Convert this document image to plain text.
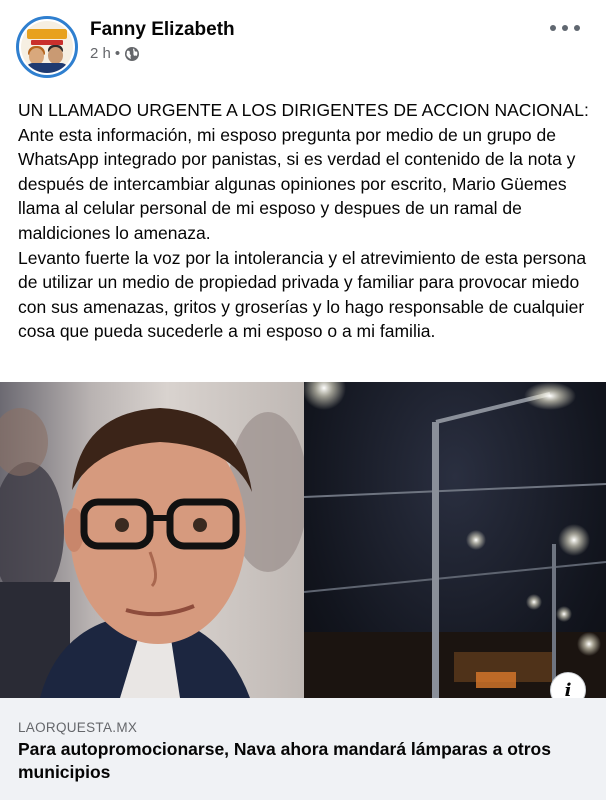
Fanny Elizabeth
2 h •

UN LLAMADO URGENTE A LOS DIRIGENTES DE ACCION NACIONAL: Ante esta información, mi esposo pregunta por medio de un grupo de WhatsApp integrado por panistas, si es verdad el contenido de la nota y después de intercambiar algunas opiniones por escrito, Mario Güemes llama al celular personal de mi esposo y despues de un ramal de maldiciones lo amenaza.

Levanto fuerte la voz por la intolerancia y el atrevimiento de esta persona de utilizar un medio de propiedad privada y familiar para provocar miedo con sus amenazas, gritos y groserías y lo hago responsable de cualquier cosa que pueda sucederle a mi esposo o a mi familia.

i
LAORQUESTA.MX
Para autopromocionarse, Nava ahora mandará lámparas a otros municipios
